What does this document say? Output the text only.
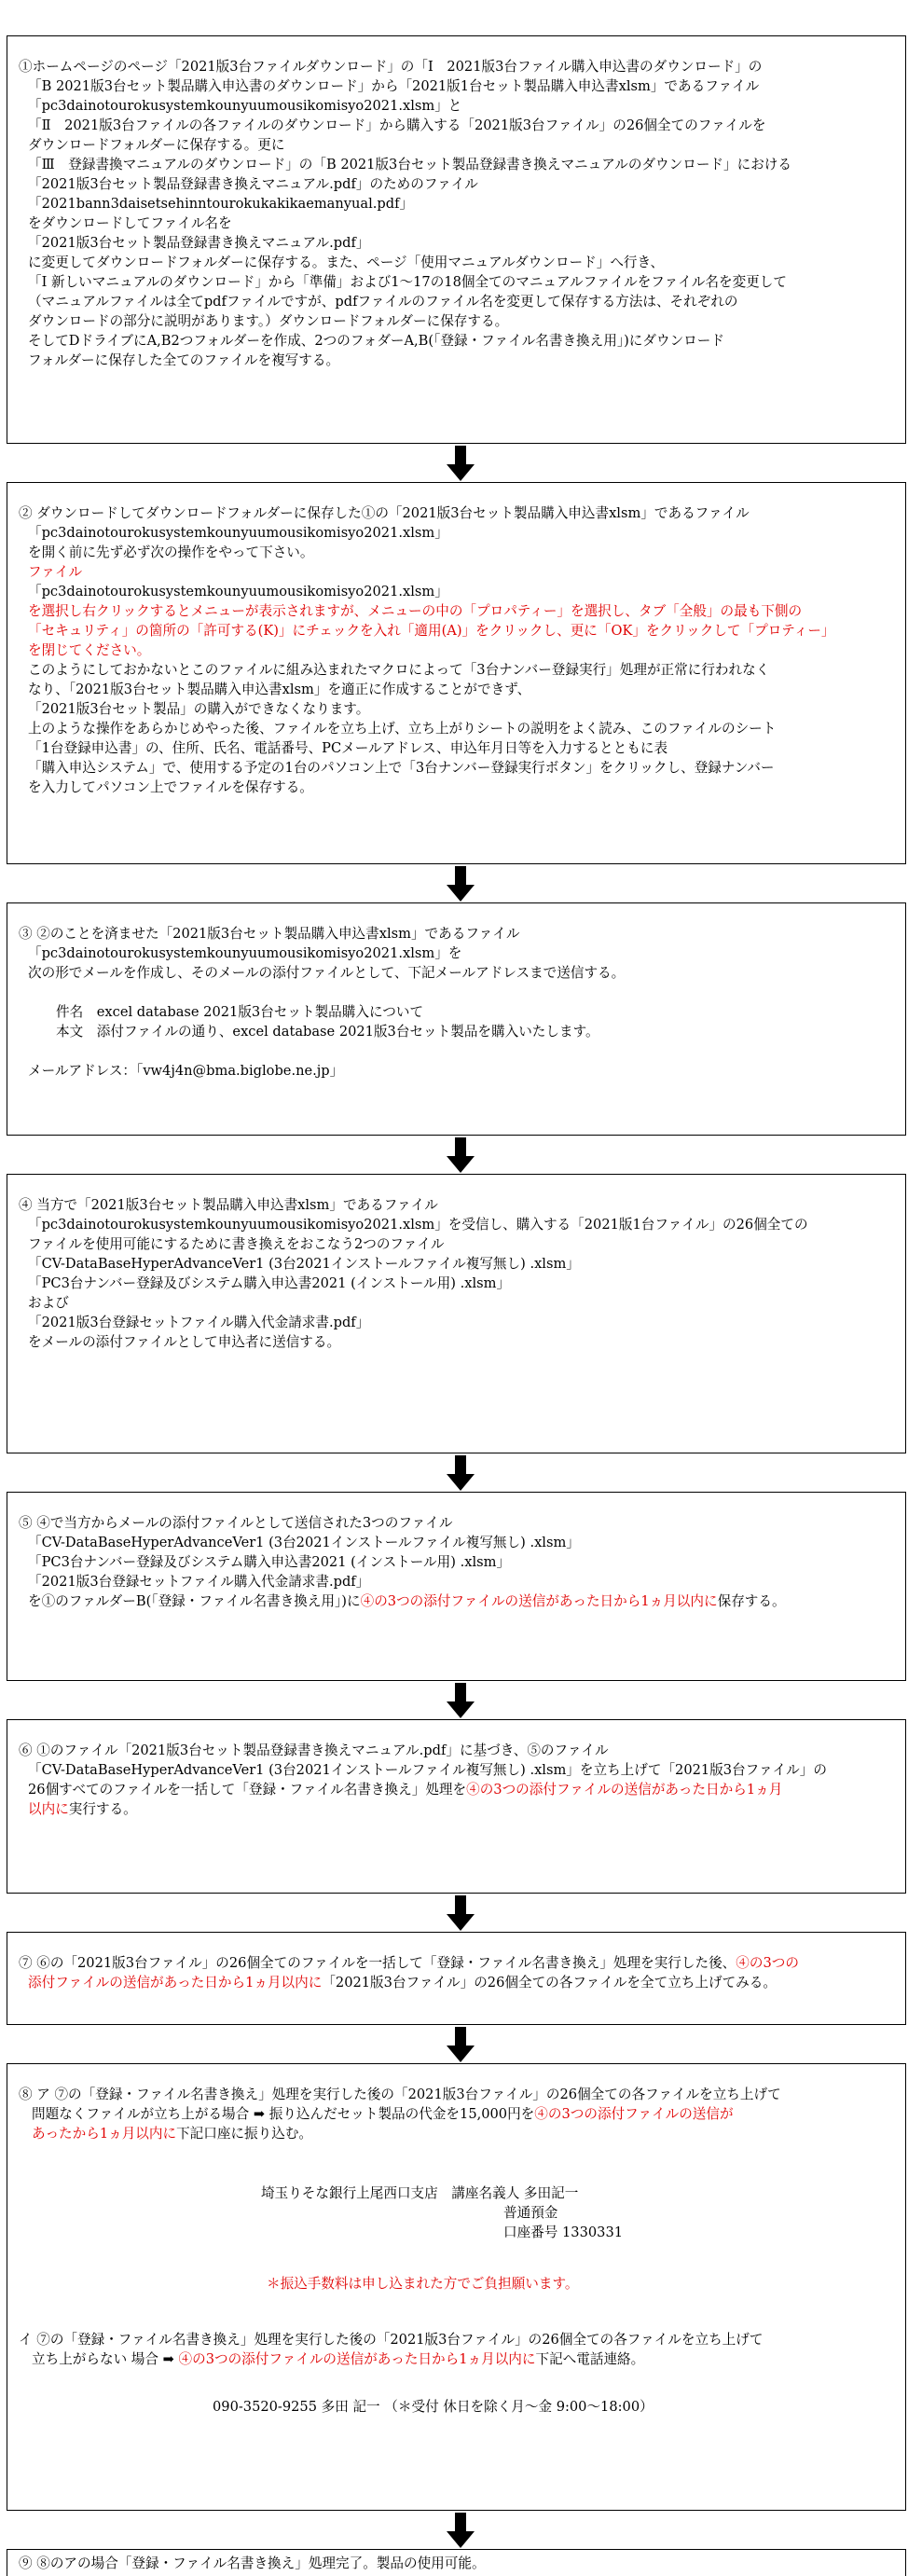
①ホームページのページ「2021版3台ファイルダウンロード」の「Ⅰ　2021版3台ファイル購入申込書のダウンロード」の
「B 2021版3台セット製品購入申込書のダウンロード」から「2021版1台セット製品購入申込書xlsm」であるファイル
「pc3dainotourokusystemkounyuumousikomisyo2021.xlsm」と
「Ⅱ　2021版3台ファイルの各ファイルのダウンロード」から購入する「2021版3台ファイル」の26個全てのファイルを
ダウンロードフォルダーに保存する。更に
「Ⅲ　登録書換マニュアルのダウンロード」の「B 2021版3台セット製品登録書き換えマニュアルのダウンロード」における
「2021版3台セット製品登録書き換えマニュアル.pdf」のためのファイル
「2021bann3daisetsehinntourokukakikaemanyual.pdf」
をダウンロードしてファイル名を
「2021版3台セット製品登録書き換えマニュアル.pdf」
に変更してダウンロードフォルダーに保存する。また、ページ「使用マニュアルダウンロード」へ行き、
「Ⅰ 新しいマニュアルのダウンロード」から「準備」および1～17の18個全てのマニュアルファイルをファイル名を変更して
（マニュアルファイルは全てpdfファイルですが、pdfファイルのファイル名を変更して保存する方法は、それぞれの
ダウンロードの部分に説明があります。）ダウンロードフォルダーに保存する。
そしてDドライブにA,B2つフォルダーを作成、2つのフォダーA,B(「登録・ファイル名書き換え用」)にダウンロード
フォルダーに保存した全てのファイルを複写する。
② ダウンロードしてダウンロードフォルダーに保存した①の「2021版3台セット製品購入申込書xlsm」であるファイル
「pc3dainotourokusystemkounyuumousikomisyo2021.xlsm」
を開く前に先ず必ず次の操作をやって下さい。
ファイル
「pc3dainotourokusystemkounyuumousikomisyo2021.xlsm」
を選択し右クリックするとメニューが表示されますが、メニューの中の「プロパティー」を選択し、タブ「全般」の最も下側の
「セキュリティ」の箇所の「許可する(K)」にチェックを入れ「適用(A)」をクリックし、更に「OK」をクリックして「プロティー」
を閉じてください。
このようにしておかないとこのファイルに組み込まれたマクロによって「3台ナンバー登録実行」処理が正常に行われなく
なり、「2021版3台セット製品購入申込書xlsm」を適正に作成することができず、
「2021版3台セット製品」の購入ができなくなります。
上のような操作をあらかじめやった後、ファイルを立ち上げ、立ち上がりシートの説明をよく読み、このファイルのシート
「1台登録申込書」の、住所、氏名、電話番号、PCメールアドレス、申込年月日等を入力するとともに表
「購入申込システム」で、使用する予定の1台のパソコン上で「3台ナンバー登録実行ボタン」をクリックし、登録ナンバー
を入力してパソコン上でファイルを保存する。
③ ②のことを済ませた「2021版3台セット製品購入申込書xlsm」であるファイル
「pc3dainotourokusystemkounyuumousikomisyo2021.xlsm」を
次の形でメールを作成し、そのメールの添付ファイルとして、下記メールアドレスまで送信する。
件名　excel database 2021版3台セット製品購入について
本文　添付ファイルの通り、excel database 2021版3台セット製品を購入いたします。
メールアドレス：「vw4j4n@bma.biglobe.ne.jp」
④ 当方で「2021版3台セット製品購入申込書xlsm」であるファイル
「pc3dainotourokusystemkounyuumousikomisyo2021.xlsm」を受信し、購入する「2021版1台ファイル」の26個全ての
ファイルを使用可能にするために書き換えをおこなう2つのファイル
「CV-DataBaseHyperAdvanceVer1 (3台2021インストールファイル複写無し) .xlsm」
「PC3台ナンバー登録及びシステム購入申込書2021 (インストール用) .xlsm」
および
「2021版3台登録セットファイル購入代金請求書.pdf」
をメールの添付ファイルとして申込者に送信する。
⑤ ④で当方からメールの添付ファイルとして送信された3つのファイル
「CV-DataBaseHyperAdvanceVer1 (3台2021インストールファイル複写無し) .xlsm」
「PC3台ナンバー登録及びシステム購入申込書2021 (インストール用) .xlsm」
「2021版3台登録セットファイル購入代金請求書.pdf」
を①のファルダーB(「登録・ファイル名書き換え用」)に④の3つの添付ファイルの送信があった日から1ヵ月以内に保存する。
⑥ ①のファイル「2021版3台セット製品登録書き換えマニュアル.pdf」に基づき、⑤のファイル
「CV-DataBaseHyperAdvanceVer1 (3台2021インストールファイル複写無し) .xlsm」を立ち上げて「2021版3台ファイル」の
26個すべてのファイルを一括して「登録・ファイル名書き換え」処理を④の3つの添付ファイルの送信があった日から1ヵ月
以内に実行する。
⑦ ⑥の「2021版3台ファイル」の26個全てのファイルを一括して「登録・ファイル名書き換え」処理を実行した後、④の3つの
添付ファイルの送信があった日から1ヵ月以内に「2021版3台ファイル」の26個全ての各ファイルを全て立ち上げてみる。
⑧ ア ⑦の「登録・ファイル名書き換え」処理を実行した後の「2021版3台ファイル」の26個全ての各ファイルを立ち上げて
問題なくファイルが立ち上がる場合 ➡ 振り込んだセット製品の代金を15,000円を④の3つの添付ファイルの送信が
あったから1ヵ月以内に下記口座に振り込む。
埼玉りそな銀行上尾西口支店　講座名義人 多田記一
普通預金
口座番号 1330331
＊振込手数料は申し込まれた方でご負担願います。
イ ⑦の「登録・ファイル名書き換え」処理を実行した後の「2021版3台ファイル」の26個全ての各ファイルを立ち上げて
立ち上がらない 場合 ➡ ④の3つの添付ファイルの送信があった日から1ヵ月以内に下記へ電話連絡。
090-3520-9255 多田 記一 （＊受付 休日を除く月～金 9:00～18:00）
⑨ ⑧のアの場合「登録・ファイル名書き換え」処理完了。製品の使用可能。
